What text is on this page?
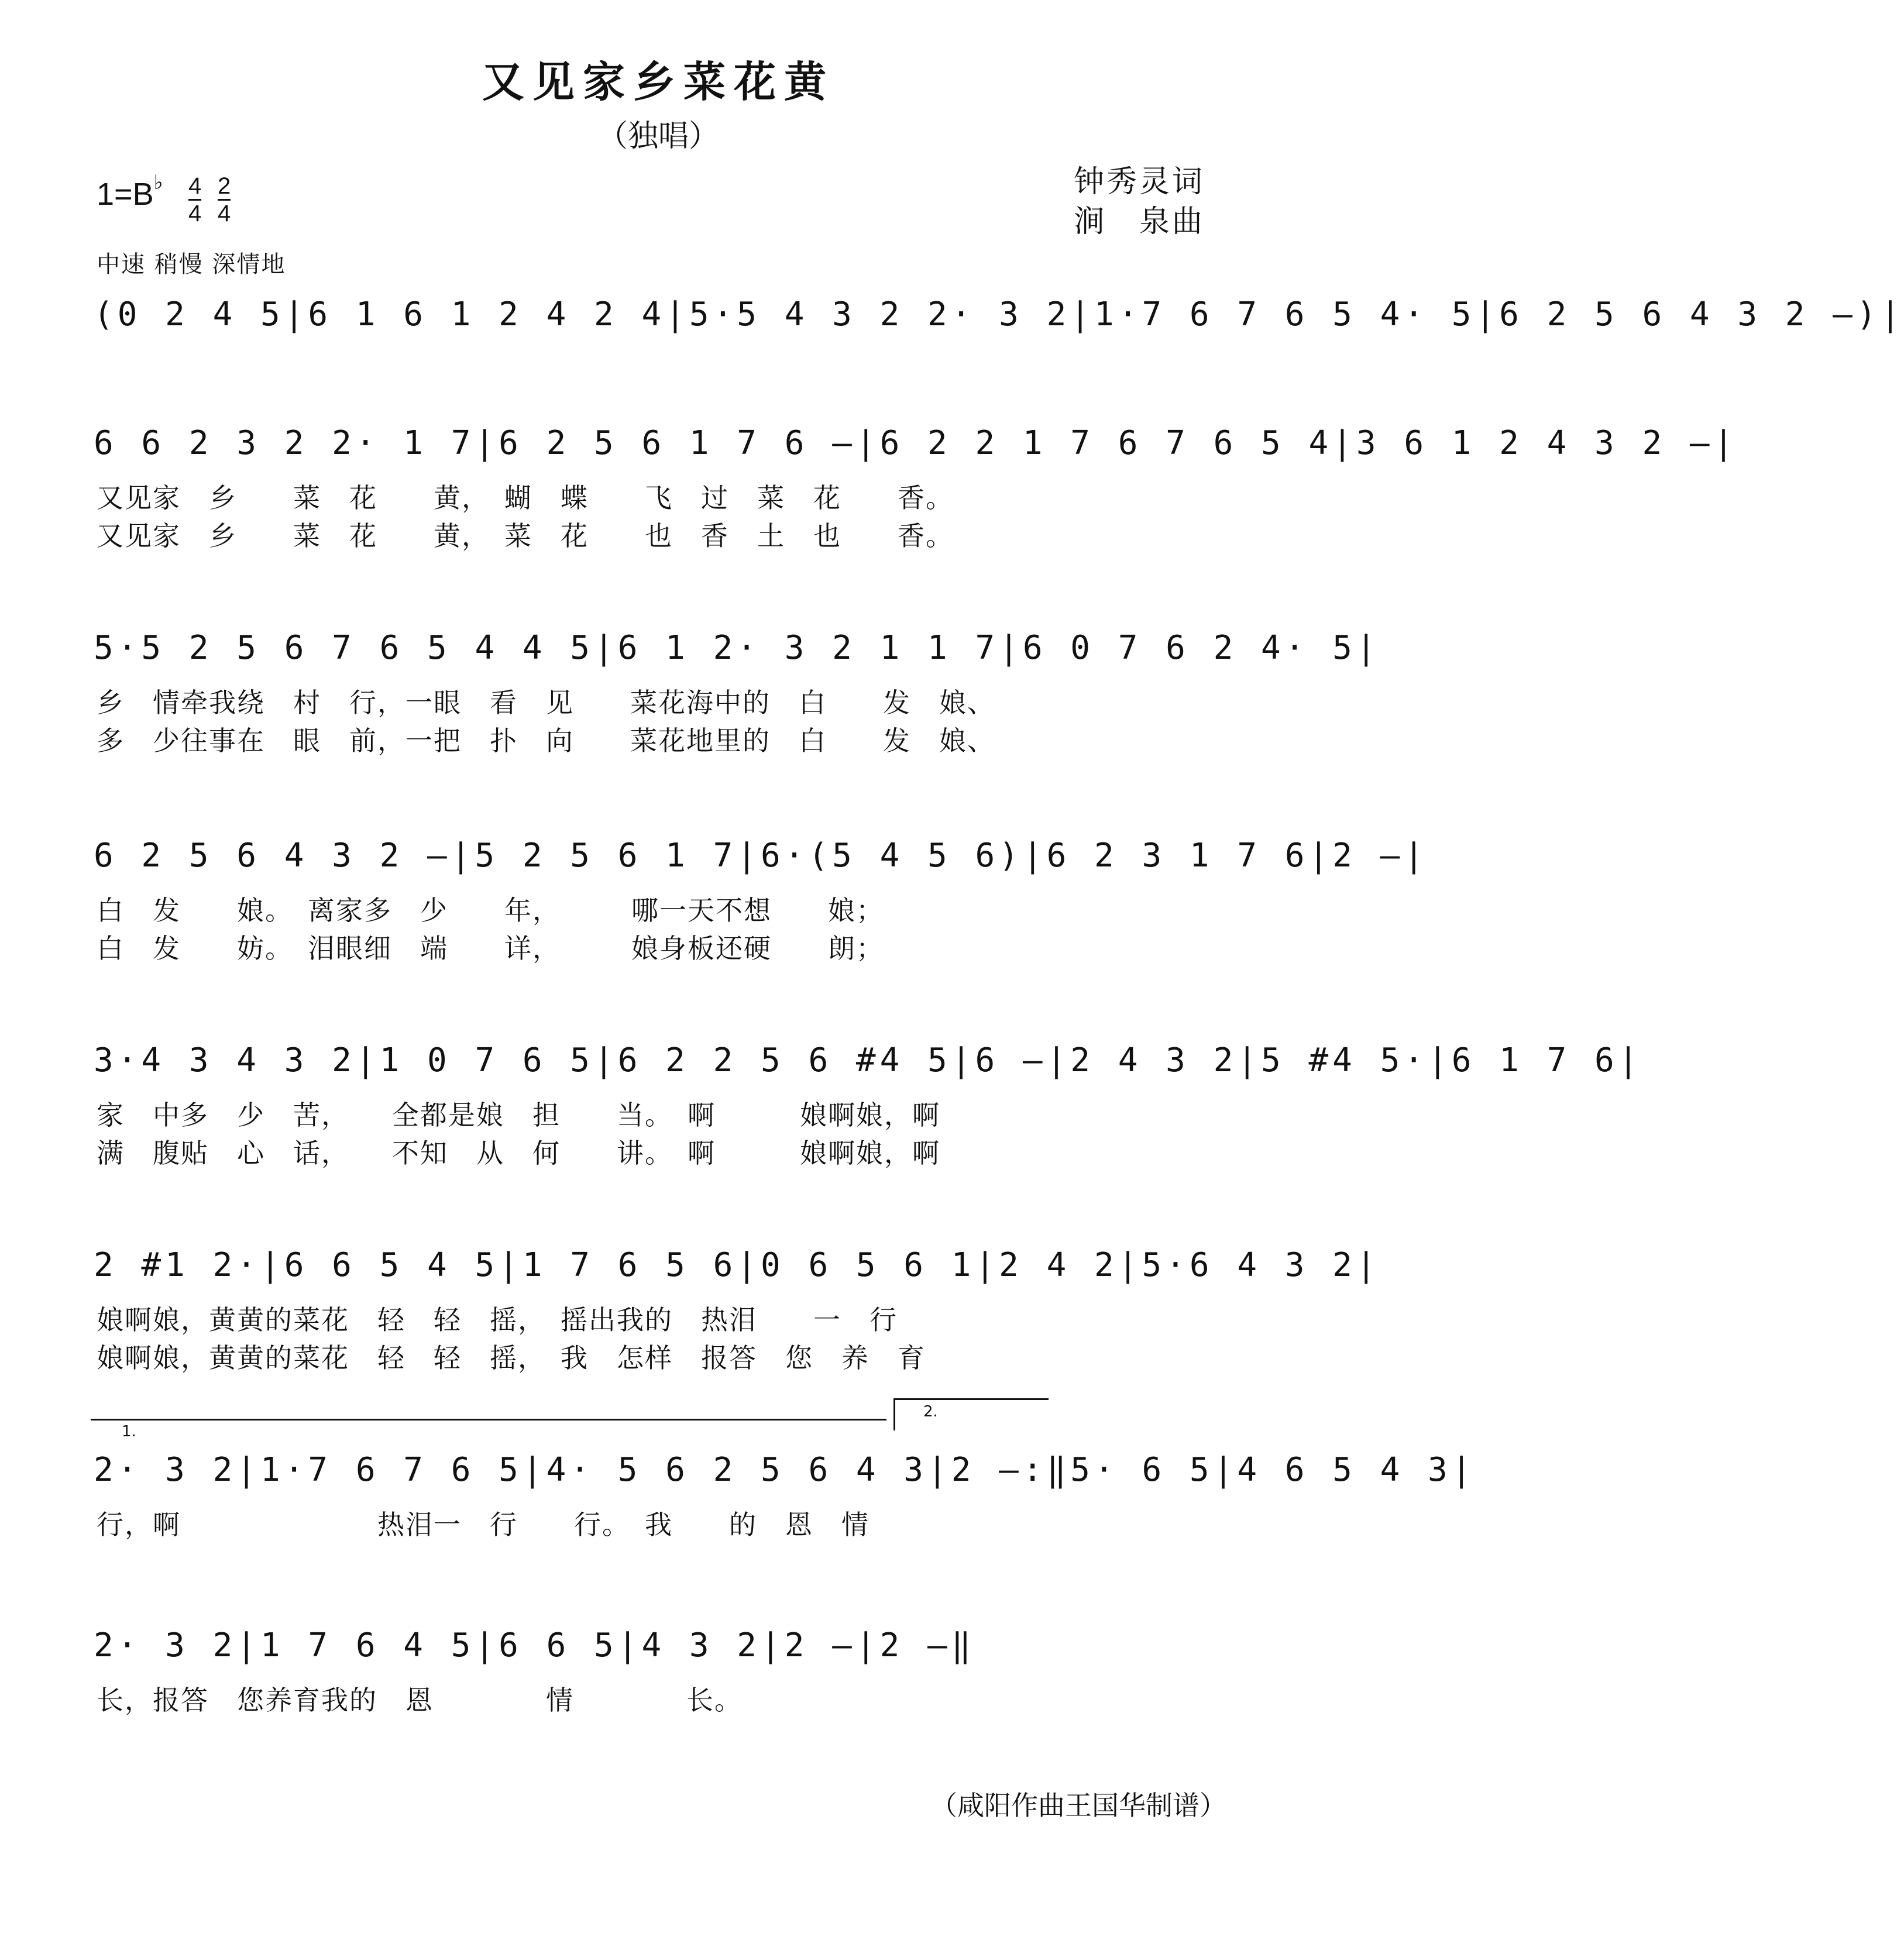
又见家乡菜花黄
（独唱）
钟秀灵词
涧　泉曲
1=B♭ 4
4
2
4
中速 稍慢 深情地
(0 2 4 5|6 1 6 1 2 4 2 4|5·5 4 3 2 2· 3 2|1·7 6 7 6 5 4· 5|6 2 5 6 4 3 2 —)|
6 6 2 3 2 2· 1 7|6 2 5 6 1 7 6 —|6 2 2 1 7 6 7 6 5 4|3 6 1 2 4 3 2 —|
又见家　乡　　菜　花　　黄，　蝴　蝶　　飞　过　菜　花　　香。
又见家　乡　　菜　花　　黄，　菜　花　　也　香　土　也　　香。
5·5 2 5 6 7 6 5 4 4 5|6 1 2· 3 2 1 1 7|6 0 7 6 2 4· 5|
乡　情牵我绕　村　行，一眼　看　见　　菜花海中的　白　　发　娘、
多　少往事在　眼　前，一把　扑　向　　菜花地里的　白　　发　娘、
6 2 5 6 4 3 2 —|5 2 5 6 1 7|6·(5 4 5 6)|6 2 3 1 7 6|2 —|
白　发　　娘。　离家多　少　　年，　　　哪一天不想　　娘；
白　发　　妨。　泪眼细　端　　详，　　　娘身板还硬　　朗；
3·4 3 4 3 2|1 0 7 6 5|6 2 2 5 6 #4 5|6 —|2 4 3 2|5 #4 5·|6 1 7 6|
家　中多　少　苦，　　全都是娘　担　　当。　啊　　　娘啊娘，啊
满　腹贴　心　话，　　不知　从　何　　讲。　啊　　　娘啊娘，啊
2 #1 2·|6 6 5 4 5|1 7 6 5 6|0 6 5 6 1|2 4 2|5·6 4 3 2|
娘啊娘，黄黄的菜花　轻　轻　摇，　摇出我的　热泪　　一　行
娘啊娘，黄黄的菜花　轻　轻　摇，　我　怎样　报答　您　养　育
1.
2.
2· 3 2|1·7 6 7 6 5|4· 5 6 2 5 6 4 3|2 —:‖5· 6 5|4 6 5 4 3|
行，啊　　　　　　　热泪一　行　　行。　我　　的　恩　情
2· 3 2|1 7 6 4 5|6 6 5|4 3 2|2 —|2 —‖
长，报答　您养育我的　恩　　　　情　　　　长。
（咸阳作曲王国华制谱）
